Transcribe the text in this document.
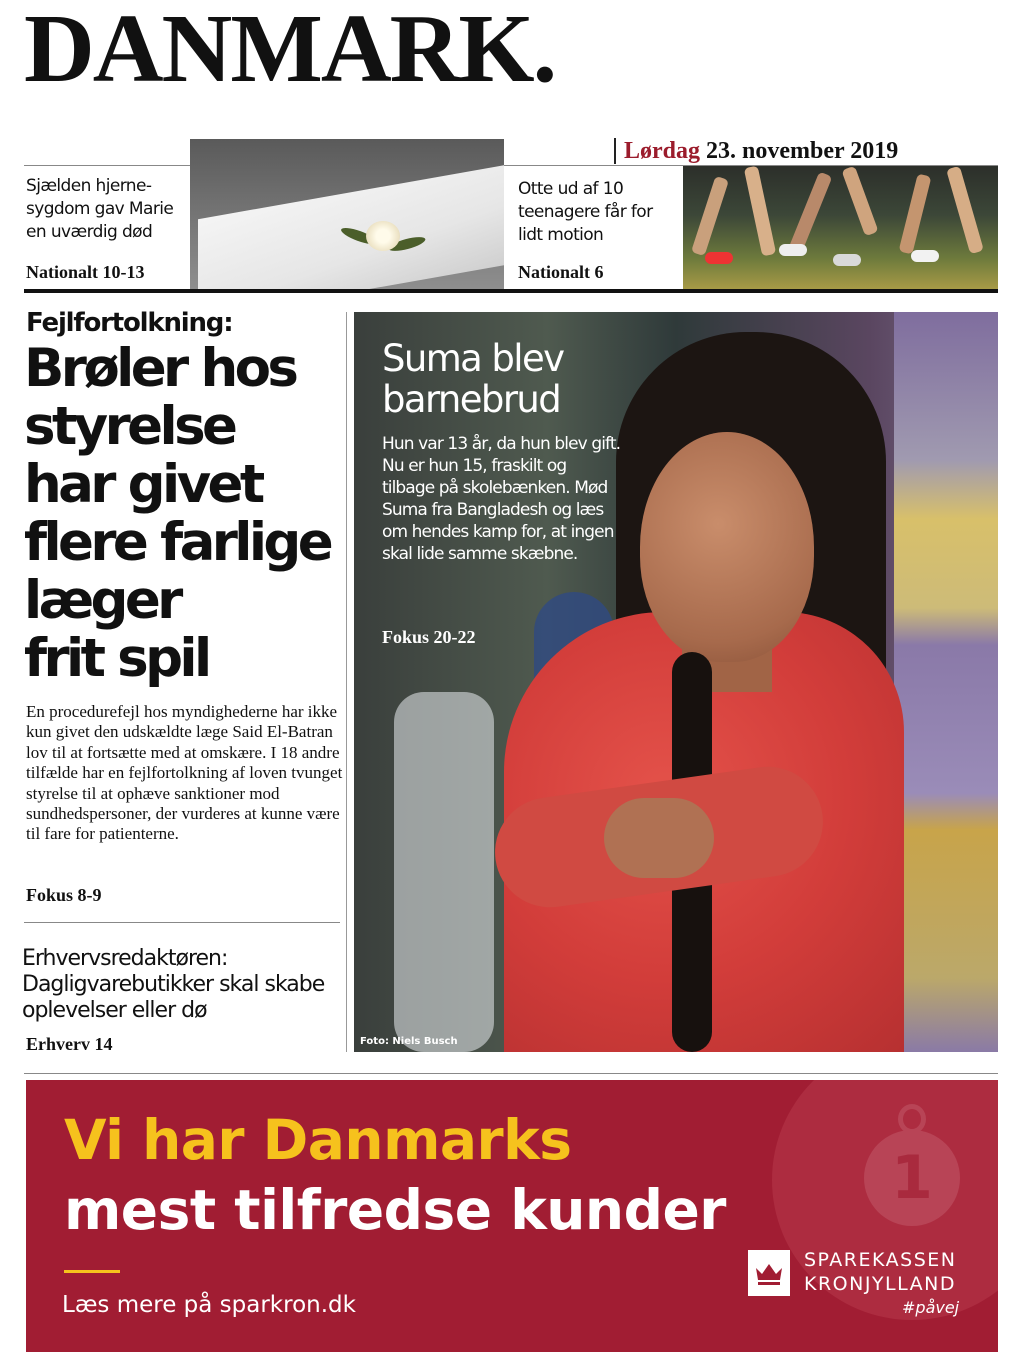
DANMARK.
Lørdag 23. november 2019
Sjælden hjerne-sygdom gav Marie en uværdig død
Nationalt 10-13
Otte ud af 10 teenagere får for lidt motion
Nationalt 6
Fejlfortolkning:
Brøler hos
styrelse
har givet
flere farlige
læger
frit spil
En procedurefejl hos myndighederne har ikke kun givet den udskældte læge Said El-Batran lov til at fortsætte med at omskære. I 18 andre tilfælde har en fejlfortolkning af loven tvunget styrelse til at ophæve sanktioner mod sundhedspersoner, der vurderes at kunne være til fare for patienterne.
Fokus 8-9
Erhvervsredaktøren: Dagligvarebutikker skal skabe oplevelser eller dø
Erhverv 14
Suma blev barnebrud
Hun var 13 år, da hun blev gift. Nu er hun 15, fraskilt og tilbage på skolebænken. Mød Suma fra Bangladesh og læs om hendes kamp for, at ingen skal lide samme skæbne.
Fokus 20-22
Foto: Niels Busch
1
Vi har Danmarks
mest tilfredse kunder
Læs mere på sparkron.dk
SPAREKASSEN
KRONJYLLAND
#påvej
